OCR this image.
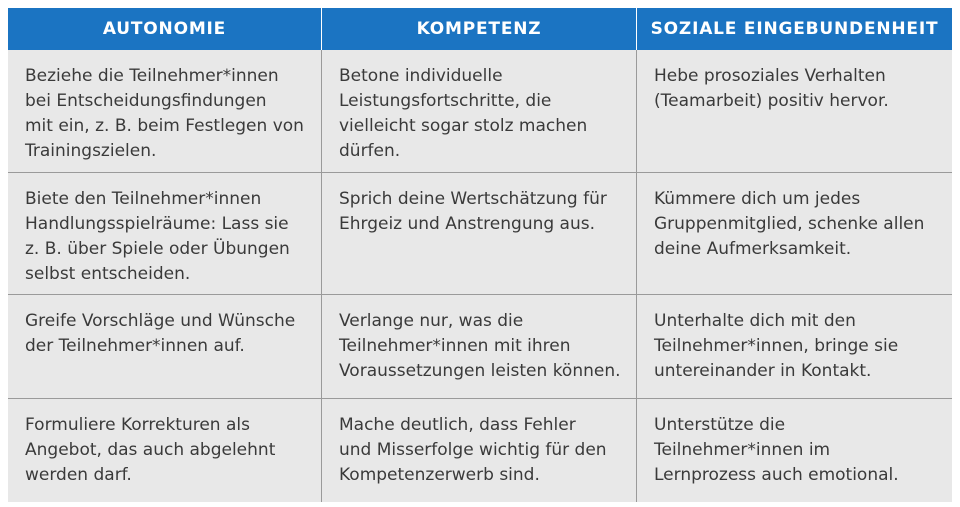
AUTONOMIE	KOMPETENZ	SOZIALE EINGEBUNDENHEIT
Beziehe die Teilnehmer*innen
bei Entscheidungsfindungen
mit ein, z. B. beim Festlegen von
Trainingszielen.
Betone individuelle
Leistungsfortschritte, die
vielleicht sogar stolz machen
dürfen.
Hebe prosoziales Verhalten
(Teamarbeit) positiv hervor.
Biete den Teilnehmer*innen
Handlungsspielräume: Lass sie
z. B. über Spiele oder Übungen
selbst entscheiden.
Sprich deine Wertschätzung für
Ehrgeiz und Anstrengung aus.
Kümmere dich um jedes
Gruppenmitglied, schenke allen
deine Aufmerksamkeit.
Greife Vorschläge und Wünsche
der Teilnehmer*innen auf.
Verlange nur, was die
Teilnehmer*innen mit ihren
Voraussetzungen leisten können.
Unterhalte dich mit den
Teilnehmer*innen, bringe sie
untereinander in Kontakt.
Formuliere Korrekturen als
Angebot, das auch abgelehnt
werden darf.
Mache deutlich, dass Fehler
und Misserfolge wichtig für den
Kompetenzerwerb sind.
Unterstütze die
Teilnehmer*innen im
Lernprozess auch emotional.
